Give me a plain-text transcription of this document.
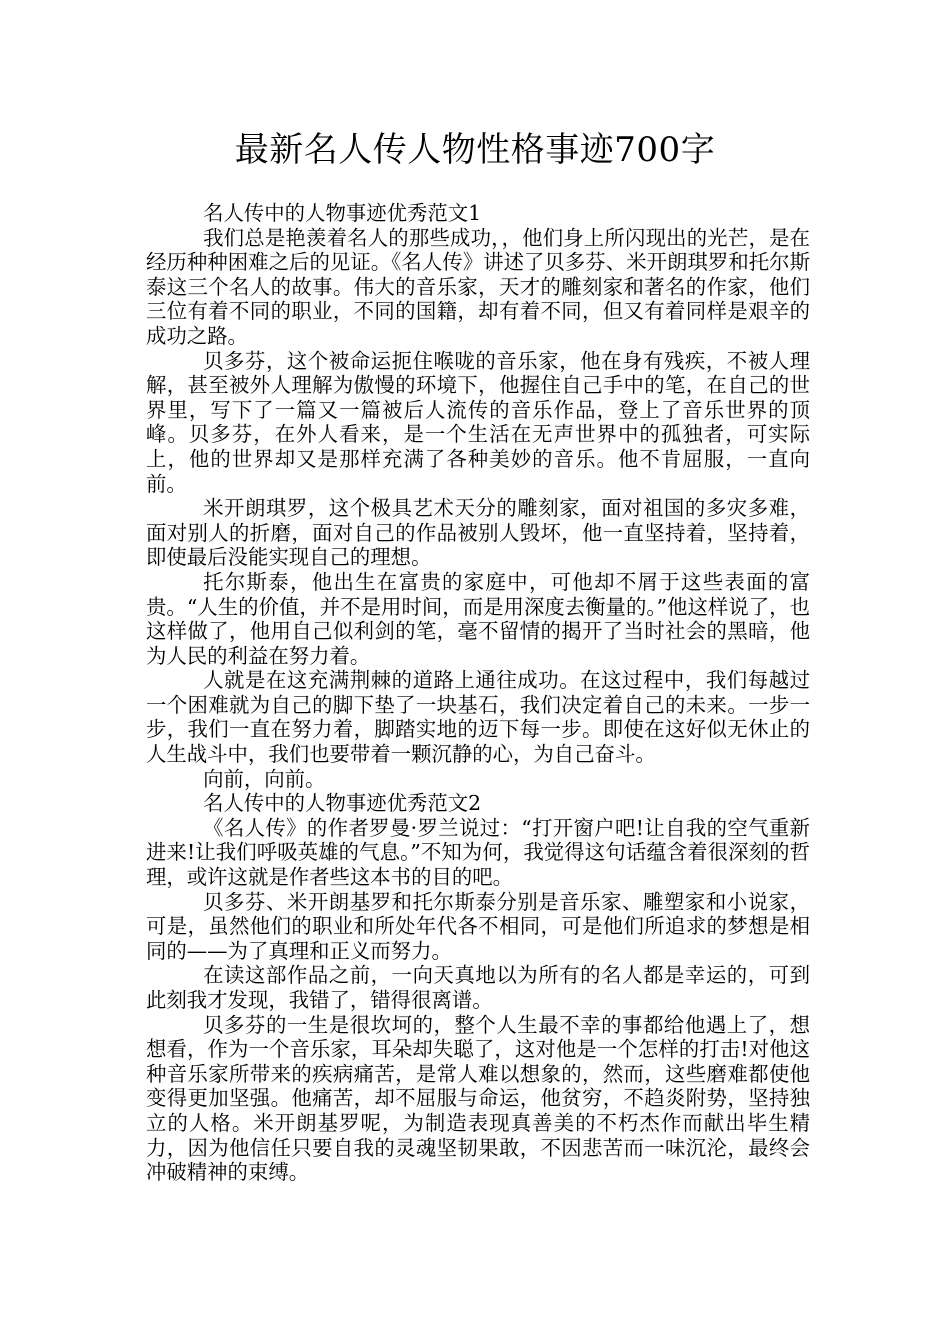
最新名人传人物性格事迹700字

名人传中的人物事迹优秀范文1

我们总是艳羡着名人的那些成功，，他们身上所闪现出的光芒，是在经历种种困难之后的见证。《名人传》讲述了贝多芬、米开朗琪罗和托尔斯泰这三个名人的故事。伟大的音乐家，天才的雕刻家和著名的作家，他们三位有着不同的职业，不同的国籍，却有着不同，但又有着同样是艰辛的成功之路。

贝多芬，这个被命运扼住喉咙的音乐家，他在身有残疾，不被人理解，甚至被外人理解为傲慢的环境下，他握住自己手中的笔，在自己的世界里，写下了一篇又一篇被后人流传的音乐作品，登上了音乐世界的顶峰。贝多芬，在外人看来，是一个生活在无声世界中的孤独者，可实际上，他的世界却又是那样充满了各种美妙的音乐。他不肯屈服，一直向前。

米开朗琪罗，这个极具艺术天分的雕刻家，面对祖国的多灾多难，面对别人的折磨，面对自己的作品被别人毁坏，他一直坚持着，坚持着，即使最后没能实现自己的理想。

托尔斯泰，他出生在富贵的家庭中，可他却不屑于这些表面的富贵。“人生的价值，并不是用时间，而是用深度去衡量的。”他这样说了，也这样做了，他用自己似利剑的笔，毫不留情的揭开了当时社会的黑暗，他为人民的利益在努力着。

人就是在这充满荆棘的道路上通往成功。在这过程中，我们每越过一个困难就为自己的脚下垫了一块基石，我们决定着自己的未来。一步一步，我们一直在努力着，脚踏实地的迈下每一步。即使在这好似无休止的人生战斗中，我们也要带着一颗沉静的心，为自己奋斗。

向前，向前。

名人传中的人物事迹优秀范文2

《名人传》的作者罗曼·罗兰说过：“打开窗户吧!让自我的空气重新进来!让我们呼吸英雄的气息。”不知为何，我觉得这句话蕴含着很深刻的哲理，或许这就是作者些这本书的目的吧。

贝多芬、米开朗基罗和托尔斯泰分别是音乐家、雕塑家和小说家，可是，虽然他们的职业和所处年代各不相同，可是他们所追求的梦想是相同的——为了真理和正义而努力。

在读这部作品之前，一向天真地以为所有的名人都是幸运的，可到此刻我才发现，我错了，错得很离谱。

贝多芬的一生是很坎坷的，整个人生最不幸的事都给他遇上了，想想看，作为一个音乐家，耳朵却失聪了，这对他是一个怎样的打击!对他这种音乐家所带来的疾病痛苦，是常人难以想象的，然而，这些磨难都使他变得更加坚强。他痛苦，却不屈服与命运，他贫穷，不趋炎附势，坚持独立的人格。米开朗基罗呢，为制造表现真善美的不朽杰作而献出毕生精力，因为他信任只要自我的灵魂坚韧果敢，不因悲苦而一味沉沦，最终会冲破精神的束缚。
